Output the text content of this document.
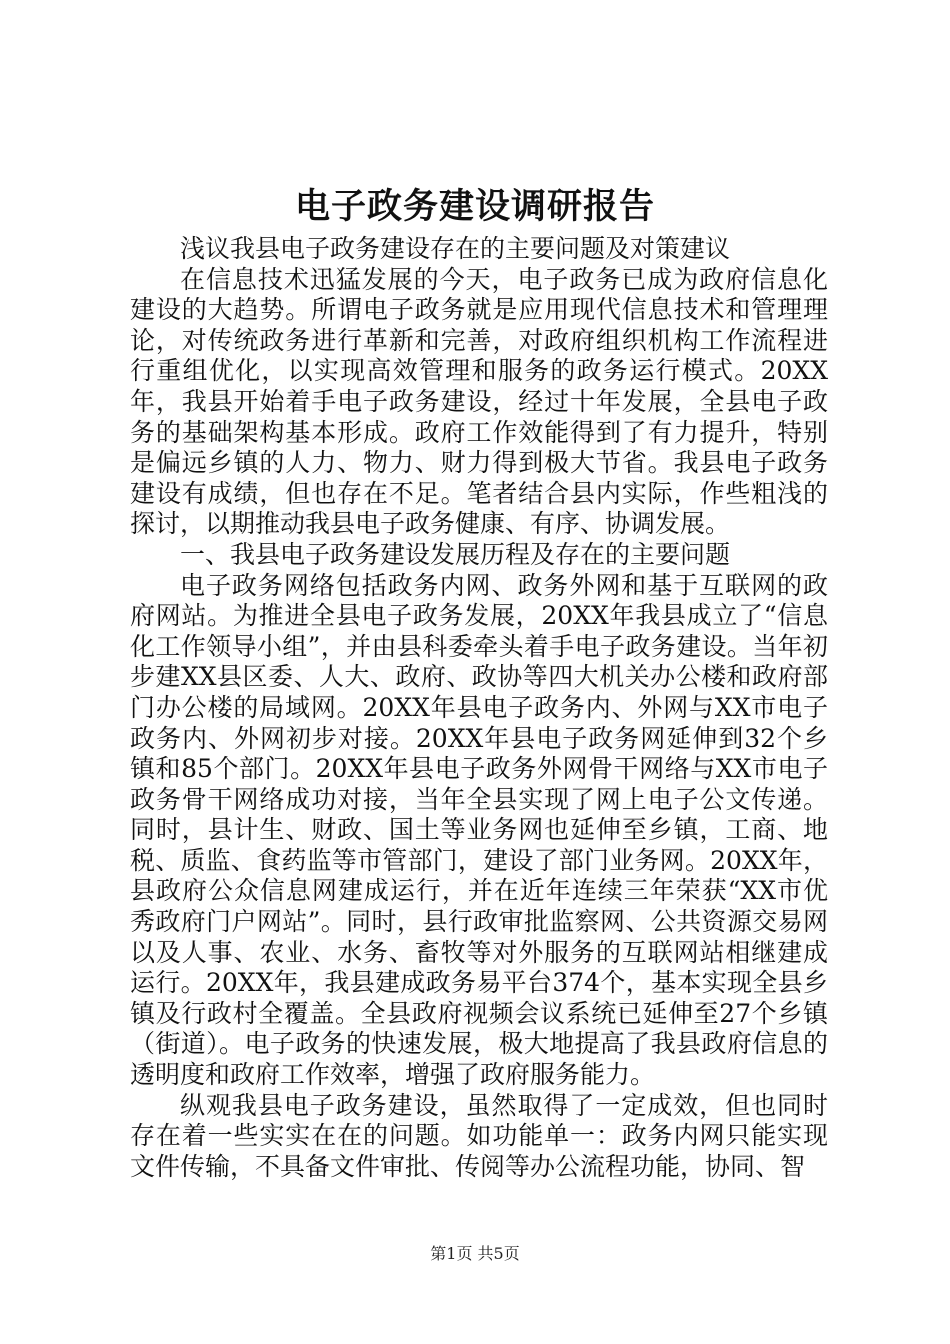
电子政务建设调研报告

浅议我县电子政务建设存在的主要问题及对策建议

在信息技术迅猛发展的今天，电子政务已成为政府信息化建设的大趋势。所谓电子政务就是应用现代信息技术和管理理论，对传统政务进行革新和完善，对政府组织机构工作流程进行重组优化，以实现高效管理和服务的政务运行模式。20XX年，我县开始着手电子政务建设，经过十年发展，全县电子政务的基础架构基本形成。政府工作效能得到了有力提升，特别是偏远乡镇的人力、物力、财力得到极大节省。我县电子政务建设有成绩，但也存在不足。笔者结合县内实际，作些粗浅的探讨，以期推动我县电子政务健康、有序、协调发展。

一、我县电子政务建设发展历程及存在的主要问题

电子政务网络包括政务内网、政务外网和基于互联网的政府网站。为推进全县电子政务发展，20XX年我县成立了“信息化工作领导小组”，并由县科委牵头着手电子政务建设。当年初步建XX县区委、人大、政府、政协等四大机关办公楼和政府部门办公楼的局域网。20XX年县电子政务内、外网与XX市电子政务内、外网初步对接。20XX年县电子政务网延伸到32个乡镇和85个部门。20XX年县电子政务外网骨干网络与XX市电子政务骨干网络成功对接，当年全县实现了网上电子公文传递。同时，县计生、财政、国土等业务网也延伸至乡镇，工商、地税、质监、食药监等市管部门，建设了部门业务网。20XX年，县政府公众信息网建成运行，并在近年连续三年荣获“XX市优秀政府门户网站”。同时，县行政审批监察网、公共资源交易网以及人事、农业、水务、畜牧等对外服务的互联网站相继建成运行。20XX年，我县建成政务易平台374个，基本实现全县乡镇及行政村全覆盖。全县政府视频会议系统已延伸至27个乡镇（街道）。电子政务的快速发展，极大地提高了我县政府信息的透明度和政府工作效率，增强了政府服务能力。

纵观我县电子政务建设，虽然取得了一定成效，但也同时存在着一些实实在在的问题。如功能单一：政务内网只能实现文件传输，不具备文件审批、传阅等办公流程功能，协同、智

第1页 共5页
